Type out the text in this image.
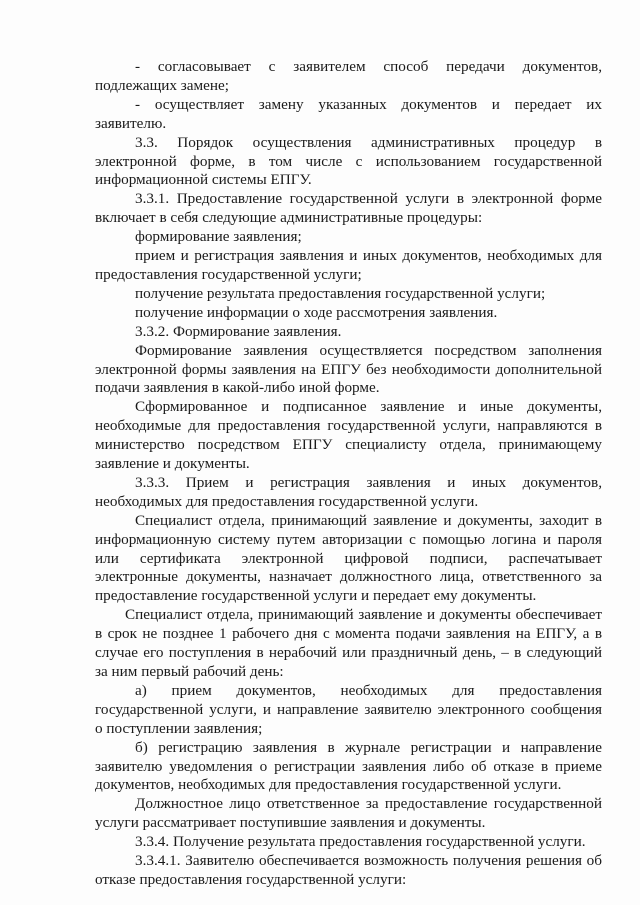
- согласовывает с заявителем способ передачи документов,
подлежащих замене;
- осуществляет замену указанных документов и передает их
заявителю.
3.3. Порядок осуществления административных процедур в
электронной форме, в том числе с использованием государственной
информационной системы ЕПГУ.
3.3.1. Предоставление государственной услуги в электронной форме
включает в себя следующие административные процедуры:
формирование заявления;
прием и регистрация заявления и иных документов, необходимых для
предоставления государственной услуги;
получение результата предоставления государственной услуги;
получение информации о ходе рассмотрения заявления.
3.3.2. Формирование заявления.
Формирование заявления осуществляется посредством заполнения
электронной формы заявления на ЕПГУ без необходимости дополнительной
подачи заявления в какой-либо иной форме.
Сформированное и подписанное заявление и иные документы,
необходимые для предоставления государственной услуги, направляются в
министерство посредством ЕПГУ специалисту отдела, принимающему
заявление и документы.
3.3.3. Прием и регистрация заявления и иных документов,
необходимых для предоставления государственной услуги.
Специалист отдела, принимающий заявление и документы, заходит в
информационную систему путем авторизации с помощью логина и пароля
или сертификата электронной цифровой подписи, распечатывает
электронные документы, назначает должностного лица, ответственного за
предоставление государственной услуги и передает ему документы.
Специалист отдела, принимающий заявление и документы обеспечивает
в срок не позднее 1 рабочего дня с момента подачи заявления на ЕПГУ, а в
случае его поступления в нерабочий или праздничный день, – в следующий
за ним первый рабочий день:
а) прием документов, необходимых для предоставления
государственной услуги, и направление заявителю электронного сообщения
о поступлении заявления;
б) регистрацию заявления в журнале регистрации и направление
заявителю уведомления о регистрации заявления либо об отказе в приеме
документов, необходимых для предоставления государственной услуги.
Должностное лицо ответственное за предоставление государственной
услуги рассматривает поступившие заявления и документы.
3.3.4. Получение результата предоставления государственной услуги.
3.3.4.1. Заявителю обеспечивается возможность получения решения об
отказе предоставления государственной услуги:
